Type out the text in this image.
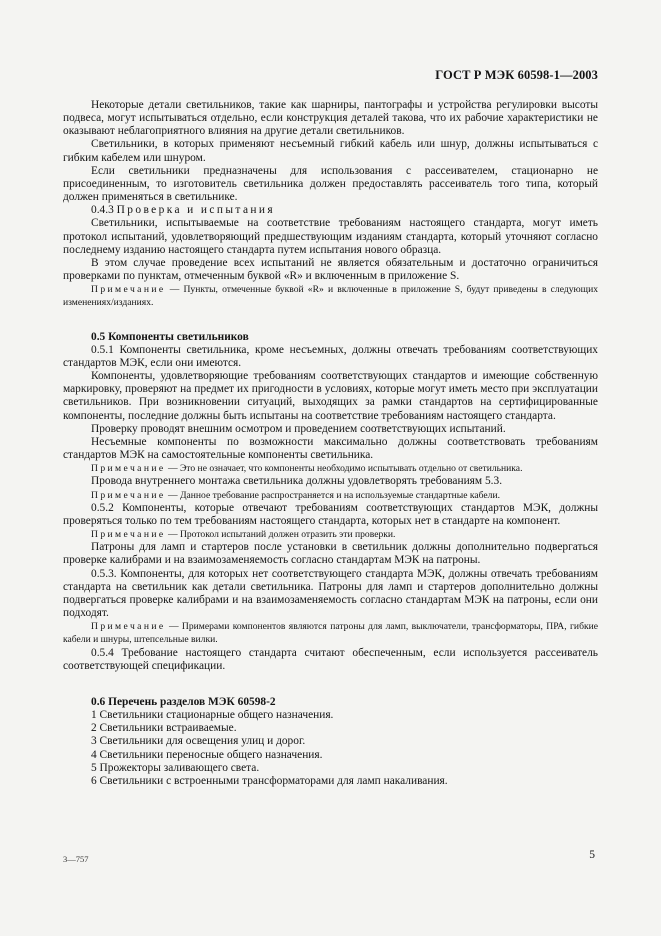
ГОСТ Р МЭК 60598-1—2003

Некоторые детали светильников, такие как шарниры, пантографы и устройства регулировки высоты подвеса, могут испытываться отдельно, если конструкция деталей такова, что их рабочие характеристики не оказывают неблагоприятного влияния на другие детали светильников.

Светильники, в которых применяют несъемный гибкий кабель или шнур, должны испытываться с гибким кабелем или шнуром.

Если светильники предназначены для использования с рассеивателем, стационарно не присоединенным, то изготовитель светильника должен предоставлять рассеиватель того типа, который должен применяться в светильнике.

0.4.3 Проверка и испытания

Светильники, испытываемые на соответствие требованиям настоящего стандарта, могут иметь протокол испытаний, удовлетворяющий предшествующим изданиям стандарта, который уточняют согласно последнему изданию настоящего стандарта путем испытания нового образца.

В этом случае проведение всех испытаний не является обязательным и достаточно ограничиться проверками по пунктам, отмеченным буквой «R» и включенным в приложение S.

Примечание — Пункты, отмеченные буквой «R» и включенные в приложение S, будут приведены в следующих изменениях/изданиях.

0.5 Компоненты светильников

0.5.1 Компоненты светильника, кроме несъемных, должны отвечать требованиям соответствующих стандартов МЭК, если они имеются.

Компоненты, удовлетворяющие требованиям соответствующих стандартов и имеющие собственную маркировку, проверяют на предмет их пригодности в условиях, которые могут иметь место при эксплуатации светильников. При возникновении ситуаций, выходящих за рамки стандартов на сертифицированные компоненты, последние должны быть испытаны на соответствие требованиям настоящего стандарта.

Проверку проводят внешним осмотром и проведением соответствующих испытаний.

Несъемные компоненты по возможности максимально должны соответствовать требованиям стандартов МЭК на самостоятельные компоненты светильника.

Примечание — Это не означает, что компоненты необходимо испытывать отдельно от светильника.

Провода внутреннего монтажа светильника должны удовлетворять требованиям 5.3.

Примечание — Данное требование распространяется и на используемые стандартные кабели.

0.5.2 Компоненты, которые отвечают требованиям соответствующих стандартов МЭК, должны проверяться только по тем требованиям настоящего стандарта, которых нет в стандарте на компонент.

Примечание — Протокол испытаний должен отразить эти проверки.

Патроны для ламп и стартеров после установки в светильник должны дополнительно подвергаться проверке калибрами и на взаимозаменяемость согласно стандартам МЭК на патроны.

0.5.3. Компоненты, для которых нет соответствующего стандарта МЭК, должны отвечать требованиям стандарта на светильник как детали светильника. Патроны для ламп и стартеров дополнительно должны подвергаться проверке калибрами и на взаимозаменяемость согласно стандартам МЭК на патроны, если они подходят.

Примечание — Примерами компонентов являются патроны для ламп, выключатели, трансформаторы, ПРА, гибкие кабели и шнуры, штепсельные вилки.

0.5.4 Требование настоящего стандарта считают обеспеченным, если используется рассеиватель соответствующей спецификации.

0.6 Перечень разделов МЭК 60598-2

1 Светильники стационарные общего назначения.

2 Светильники встраиваемые.

3 Светильники для освещения улиц и дорог.

4 Светильники переносные общего назначения.

5 Прожекторы заливающего света.

6 Светильники с встроенными трансформаторами для ламп накаливания.

3—757	5
